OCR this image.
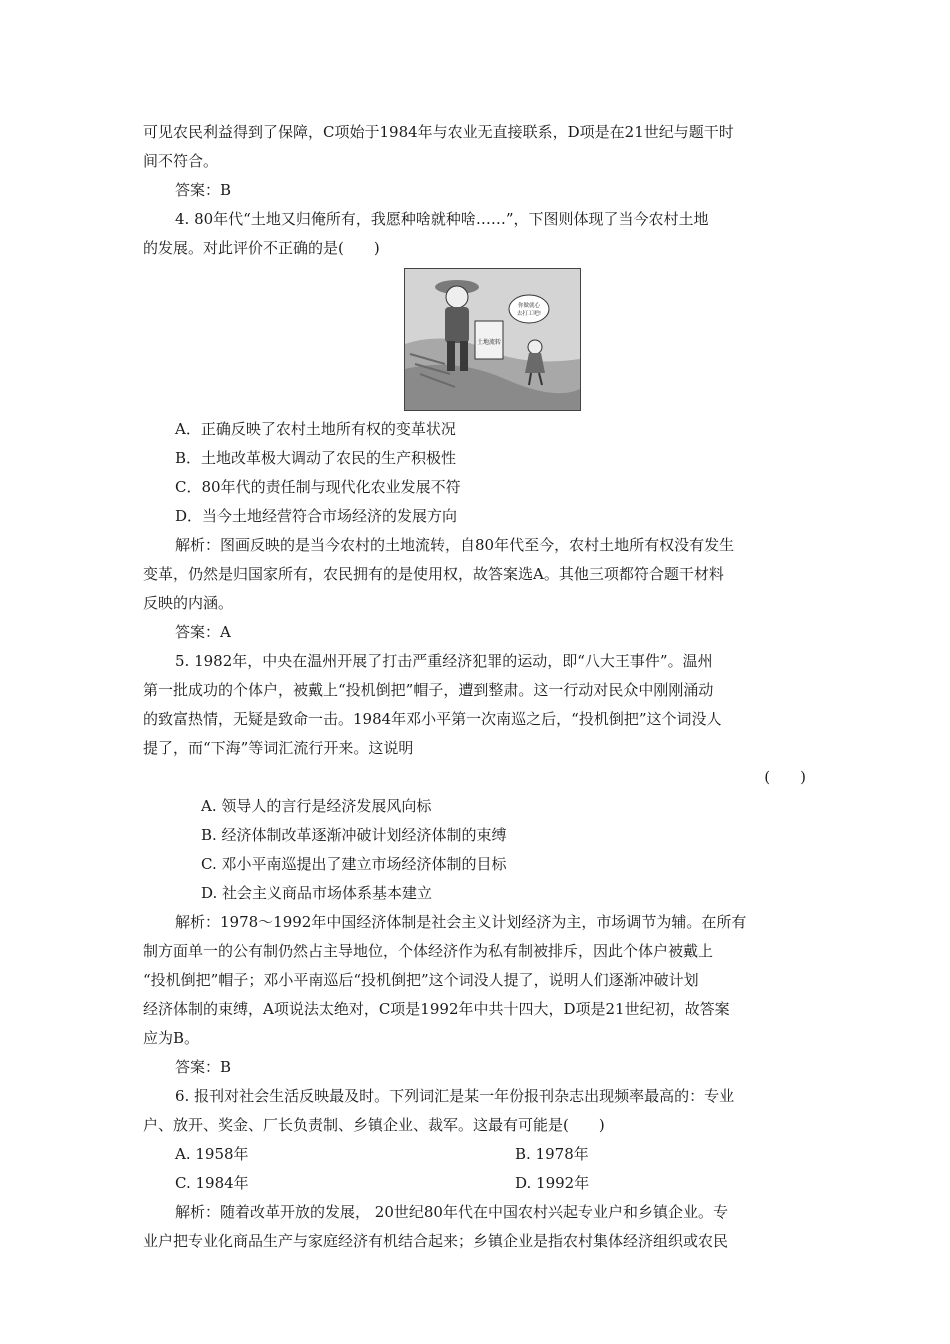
可见农民利益得到了保障，C项始于1984年与农业无直接联系，D项是在21世纪与题干时
间不符合。
答案：B
4. 80年代“土地又归俺所有，我愿种啥就种啥……”，下图则体现了当今农村土地
的发展。对此评价不正确的是(　　)
A．正确反映了农村土地所有权的变革状况
B．土地改革极大调动了农民的生产积极性
C．80年代的责任制与现代化农业发展不符
D．当今土地经营符合市场经济的发展方向
解析：图画反映的是当今农村的土地流转，自80年代至今，农村土地所有权没有发生
变革，仍然是归国家所有，农民拥有的是使用权，故答案选A。其他三项都符合题干材料
反映的内涵。
答案：A
5. 1982年，中央在温州开展了打击严重经济犯罪的运动，即“八大王事件”。温州
第一批成功的个体户，被戴上“投机倒把”帽子，遭到整肃。这一行动对民众中刚刚涌动
的致富热情，无疑是致命一击。1984年邓小平第一次南巡之后，“投机倒把”这个词没人
提了，而“下海”等词汇流行开来。这说明
(　　)
A. 领导人的言行是经济发展风向标
B. 经济体制改革逐渐冲破计划经济体制的束缚
C. 邓小平南巡提出了建立市场经济体制的目标
D. 社会主义商品市场体系基本建立
解析：1978～1992年中国经济体制是社会主义计划经济为主，市场调节为辅。在所有
制方面单一的公有制仍然占主导地位，个体经济作为私有制被排斥，因此个体户被戴上
“投机倒把”帽子；邓小平南巡后“投机倒把”这个词没人提了，说明人们逐渐冲破计划
经济体制的束缚，A项说法太绝对，C项是1992年中共十四大，D项是21世纪初，故答案
应为B。
答案：B
6. 报刊对社会生活反映最及时。下列词汇是某一年份报刊杂志出现频率最高的：专业
户、放开、奖金、厂长负责制、乡镇企业、裁军。这最有可能是(　　)
A. 1958年	B. 1978年
C. 1984年	D. 1992年
解析：随着改革开放的发展， 20世纪80年代在中国农村兴起专业户和乡镇企业。专
业户把专业化商品生产与家庭经济有机结合起来；乡镇企业是指农村集体经济组织或农民
土地流转
你做就心
去打工吧!
